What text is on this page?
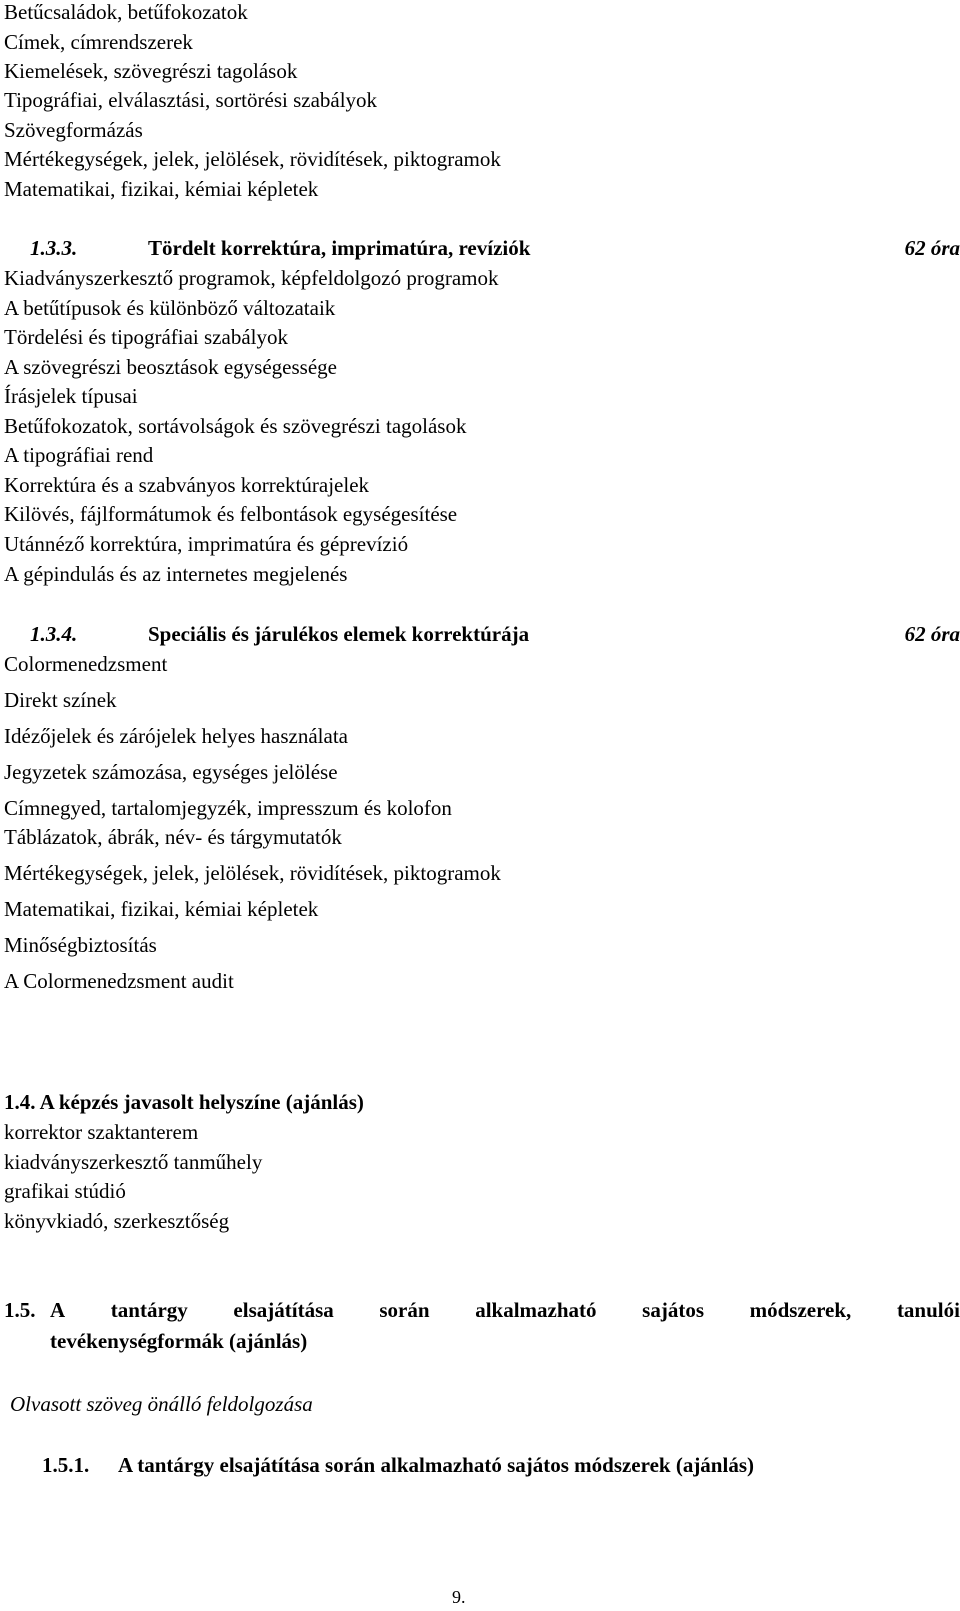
Betűcsaládok, betűfokozatok
Címek, címrendszerek
Kiemelések, szövegrészi tagolások
Tipográfiai, elválasztási, sortörési szabályok
Szövegformázás
Mértékegységek, jelek, jelölések, rövidítések, piktogramok
Matematikai, fizikai, kémiai képletek
1.3.3.	Tördelt korrektúra, imprimatúra, revíziók	62 óra
Kiadványszerkesztő programok, képfeldolgozó programok
A betűtípusok és különböző változataik
Tördelési és tipográfiai szabályok
A szövegrészi beosztások egységessége
Írásjelek típusai
Betűfokozatok, sortávolságok és szövegrészi tagolások
A tipográfiai rend
Korrektúra és a szabványos korrektúrajelek
Kilövés, fájlformátumok és felbontások egységesítése
Utánnéző korrektúra, imprimatúra és géprevízió
A gépindulás és az internetes megjelenés
1.3.4.	Speciális és járulékos elemek korrektúrája	62 óra
Colormenedzsment
Direkt színek
Idézőjelek és zárójelek helyes használata
Jegyzetek számozása, egységes jelölése
Címnegyed, tartalomjegyzék, impresszum és kolofon
Táblázatok, ábrák, név- és tárgymutatók
Mértékegységek, jelek, jelölések, rövidítések, piktogramok
Matematikai, fizikai, kémiai képletek
Minőségbiztosítás
A Colormenedzsment audit
1.4. A képzés javasolt helyszíne (ajánlás)
korrektor szaktanterem
kiadványszerkesztő tanműhely
grafikai stúdió
könyvkiadó, szerkesztőség
1.5. A tantárgy elsajátítása során alkalmazható sajátos módszerek, tanulói
tevékenységformák (ajánlás)
Olvasott szöveg önálló feldolgozása
1.5.1. A tantárgy elsajátítása során alkalmazható sajátos módszerek (ajánlás)
9.
